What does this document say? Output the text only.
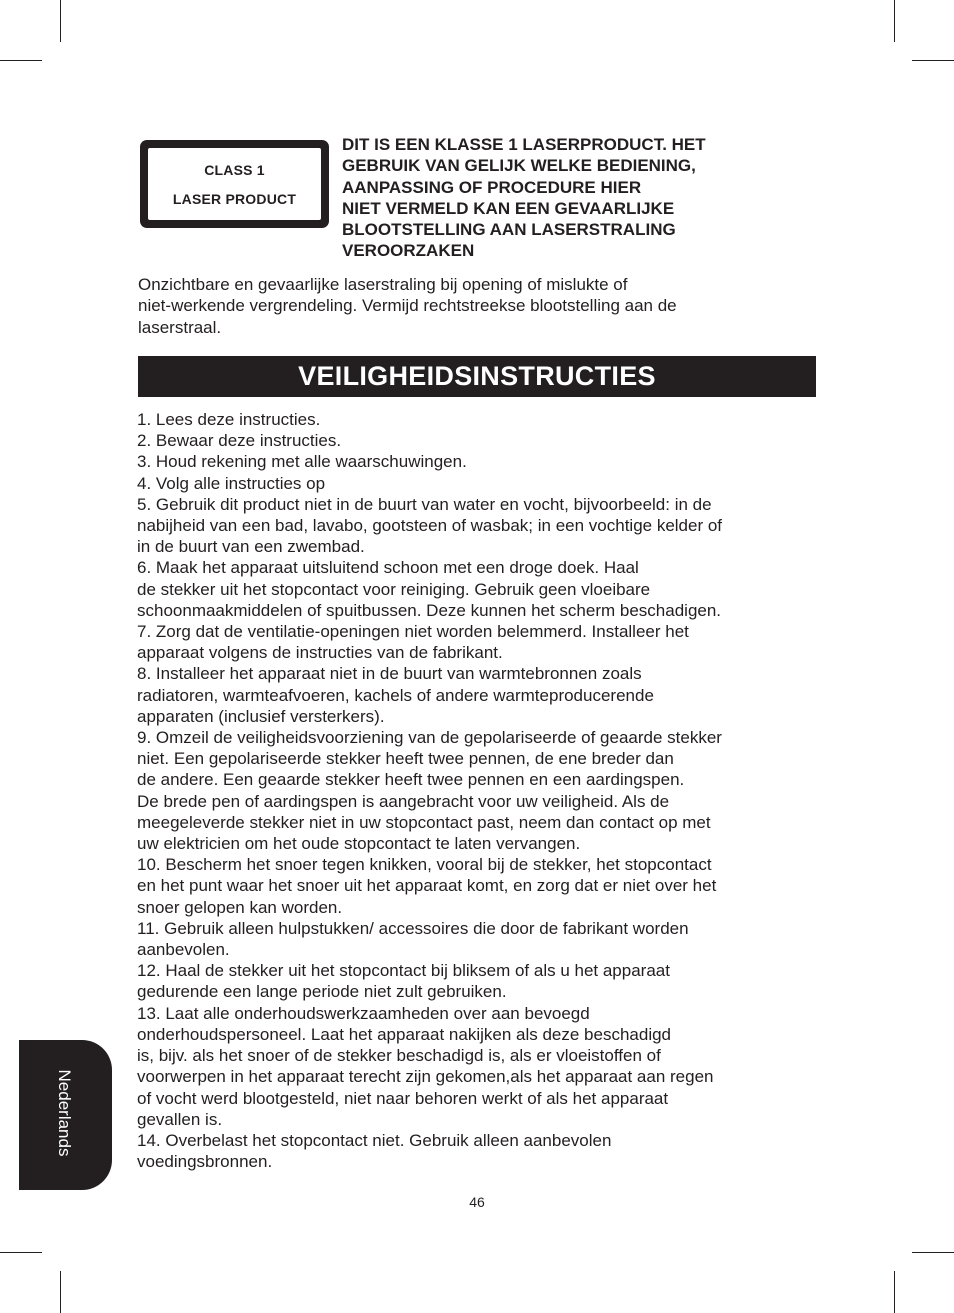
CLASS 1
LASER PRODUCT
DIT IS EEN KLASSE 1 LASERPRODUCT. HET
GEBRUIK VAN GELIJK WELKE BEDIENING,
AANPASSING OF PROCEDURE HIER
NIET VERMELD KAN EEN GEVAARLIJKE
BLOOTSTELLING AAN LASERSTRALING
VEROORZAKEN
Onzichtbare en gevaarlijke laserstraling bij opening of mislukte of
niet-werkende vergrendeling. Vermijd rechtstreekse blootstelling aan de
laserstraal.
VEILIGHEIDSINSTRUCTIES
1. Lees deze instructies.
2. Bewaar deze instructies.
3. Houd rekening met alle waarschuwingen.
4. Volg alle instructies op
5. Gebruik dit product niet in de buurt van water en vocht, bijvoorbeeld: in de
nabijheid van een bad, lavabo, gootsteen of wasbak; in een vochtige kelder of
in de buurt van een zwembad.
6. Maak het apparaat uitsluitend schoon met een droge doek. Haal
de stekker uit het stopcontact voor reiniging. Gebruik geen vloeibare
schoonmaakmiddelen of spuitbussen. Deze kunnen het scherm beschadigen.
7. Zorg dat de ventilatie-openingen niet worden belemmerd. Installeer het
apparaat volgens de instructies van de fabrikant.
8. Installeer het apparaat niet in de buurt van warmtebronnen zoals
radiatoren, warmteafvoeren, kachels of andere warmteproducerende
apparaten (inclusief versterkers).
9. Omzeil de veiligheidsvoorziening van de gepolariseerde of geaarde stekker
niet. Een gepolariseerde stekker heeft twee pennen, de ene breder dan
de andere. Een geaarde stekker heeft twee pennen en een aardingspen.
De brede pen of aardingspen is aangebracht voor uw veiligheid. Als de
meegeleverde stekker niet in uw stopcontact past, neem dan contact op met
uw elektricien om het oude stopcontact te laten vervangen.
10. Bescherm het snoer tegen knikken, vooral bij de stekker, het stopcontact
en het punt waar het snoer uit het apparaat komt, en zorg dat er niet over het
snoer gelopen kan worden.
11. Gebruik alleen hulpstukken/ accessoires die door de fabrikant worden
aanbevolen.
12. Haal de stekker uit het stopcontact bij bliksem of als u het apparaat
gedurende een lange periode niet zult gebruiken.
13. Laat alle onderhoudswerkzaamheden over aan bevoegd
onderhoudspersoneel. Laat het apparaat nakijken als deze beschadigd
is, bijv. als het snoer of de stekker beschadigd is, als er vloeistoffen of
voorwerpen in het apparaat terecht zijn gekomen,als het apparaat aan regen
of vocht werd blootgesteld, niet naar behoren werkt of als het apparaat
gevallen is.
14. Overbelast het stopcontact niet. Gebruik alleen aanbevolen
voedingsbronnen.
Nederlands
46
